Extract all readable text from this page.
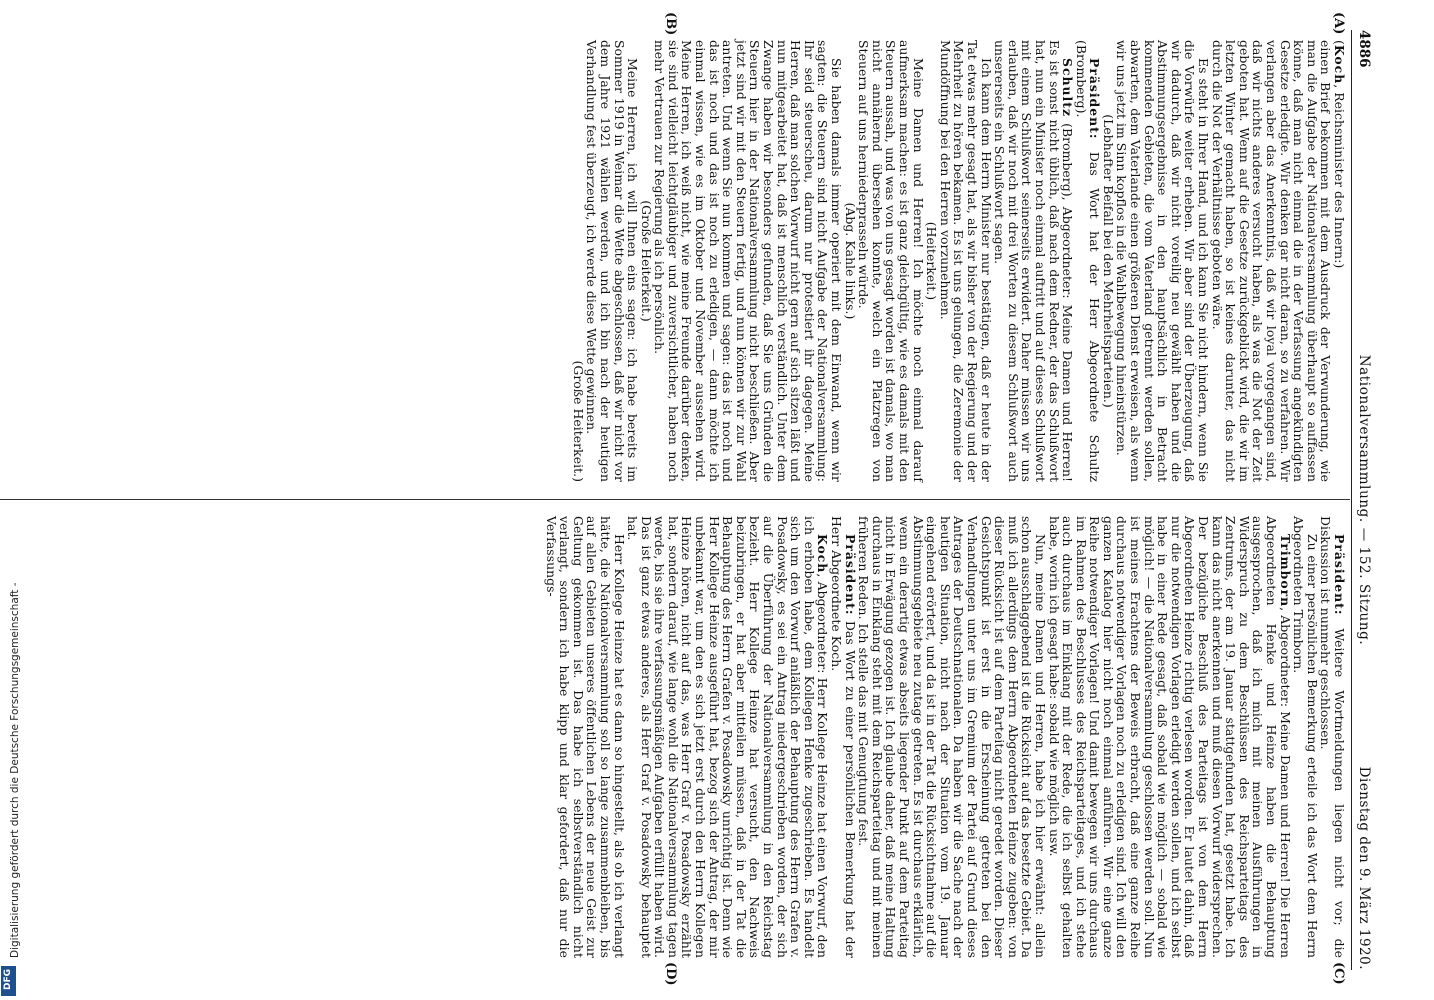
4886
Nationalversammlung. — 152. Sitzung.
Dienstag den 9. März 1920.
(A)
(B)
(C)
(D)

(Koch, Reichsminister des Innern:)

einen Brief bekommen mit dem Ausdruck der Verwunderung, wie man die Aufgabe der Nationalversammlung überhaupt so auffassen könne, daß man nicht einmal die in der Verfassung angekündigten Gesetze erledigte. Wir denken gar nicht daran, so zu verfahren. Wir verlangen aber das Anerkenntnis, daß wir loyal vorgegangen sind, daß wir nichts anderes versucht haben, als was die Not der Zeit geboten hat. Wenn auf die Gesetze zurückgeblickt wird, die wir im letzten Winter gemacht haben, so ist keines darunter, das nicht durch die Not der Verhältnisse geboten wäre.

Es steht in Ihrer Hand, und ich kann Sie nicht hindern, wenn Sie die Vorwürfe weiter erheben. Wir aber sind der Überzeugung, daß wir dadurch, daß wir nicht voreilig neu gewählt haben und die Abstimmungsergebnisse in den hauptsächlich in Betracht kommenden Gebieten, die vom Vaterland getrennt werden sollen, abwarten, dem Vaterlande einen größeren Dienst erweisen, als wenn wir uns jetzt im Sinn kopflos in die Wahlbewegung hineinstürzen.

(Lebhafter Beifall bei den Mehrheitsparteien.)

Präsident: Das Wort hat der Herr Abgeordnete Schultz (Bromberg).

Schultz (Bromberg), Abgeordneter: Meine Damen und Herren! Es ist sonst nicht üblich, daß nach dem Redner, der das Schlußwort hat, nun ein Minister noch einmal auftritt und auf dieses Schlußwort mit einem Schlußwort seinerseits erwidert. Daher müssen wir uns erlauben, daß wir noch mit drei Worten zu diesem Schlußwort auch unsererseits ein Schlußwort sagen.

Ich kann dem Herrn Minister nur bestätigen, daß er heute in der Tat etwas mehr gesagt hat, als wir bisher von der Regierung und der Mehrheit zu hören bekamen. Es ist uns gelungen, die Zeremonie der Mundöffnung bei den Herren vorzunehmen.

(Heiterkeit.)

Meine Damen und Herren! Ich möchte noch einmal darauf aufmerksam machen: es ist ganz gleichgültig, wie es damals mit den Steuern aussah, und was von uns gesagt worden ist damals, wo man nicht annähernd übersehen konnte, welch ein Platzregen von Steuern auf uns herniederprasseln würde.

(Abg. Kahle links.)

Sie haben damals immer operiert mit dem Einwand, wenn wir sagten: die Steuern sind nicht Aufgabe der Nationalversammlung: Ihr seid steuerscheu, darum nur protestiert ihr dagegen. Meine Herren, daß man solchen Vorwurf nicht gern auf sich sitzen läßt und nun mitgearbeitet hat, daß ist menschlich verständlich. Unter dem Zwange haben wir besonders gefunden, daß Sie uns Gründen die Steuern hier in der Nationalversammlung nicht beschließen. Aber jetzt sind wir mit den Steuern fertig, und nun können wir zur Wahl antreten. Und wenn Sie nun kommen und sagen: das ist noch und das ist noch und das ist noch zu erledigen, — dann möchte ich einmal wissen, wie es im Oktober und November aussehen wird. Meine Herren, ich weiß nicht, wie meine Freunde darüber denken, sie sind vielleicht leichtgläubiger und zuversichtlicher, haben noch mehr Vertrauen zur Regierung als ich persönlich.

(Große Heiterkeit.)

Meine Herren, ich will Ihnen eins sagen: ich habe bereits im Sommer 1919 in Weimar die Wette abgeschlossen, daß wir nicht vor dem Jahre 1921 wählen werden, und ich bin nach der heutigen Verhandlung fest überzeugt, ich werde diese Wette gewinnen.

(Große Heiterkeit.)

Präsident: Weitere Wortmeldungen liegen nicht vor; die Diskussion ist nunmehr geschlossen.

Zu einer persönlichen Bemerkung erteile ich das Wort dem Herrn Abgeordneten Trimborn.

Trimborn, Abgeordneter: Meine Damen und Herren! Die Herren Abgeordneten Henke und Heinze haben die Behauptung ausgesprochen, daß ich mich mit meinen Ausführungen in Widerspruch zu dem Beschlüssen des Reichsparteitags des Zentrums, der am 19. Januar stattgefunden hat, gesetzt habe. Ich kann das nicht anerkennen und muß diesen Vorwurf widersprechen. Der bezügliche Beschluß des Parteitags ist von dem Herrn Abgeordneten Heinze richtig verlesen worden. Er lautet dahin, daß nur die notwendigen Vorlagen erledigt werden sollen, und ich selbst habe in einer Rede gesagt, daß sobald wie möglich — sobald wie möglich! — die Nationalversammlung geschlossen werden soll. Nun ist meines Erachtens der Beweis erbracht, daß eine ganze Reihe durchaus notwendiger Vorlagen noch zu erledigen sind. Ich will den ganzen Katalog hier nicht noch einmal anführen. Wir eine ganze Reihe notwendiger Vorlagen! Und damit bewegen wir uns durchaus im Rahmen des Beschlusses des Reichsparteitages, und ich stehe auch durchaus im Einklang mit der Rede, die ich selbst gehalten habe, worin ich gesagt habe: sobald wie möglich usw.

Nun, meine Damen und Herren, habe ich hier erwähnt: allein schon ausschlaggebend ist die Rücksicht auf das besetzte Gebiet. Da muß ich allerdings dem Herrn Abgeordneten Heinze zugeben: von dieser Rücksicht ist auf dem Parteitag nicht geredet worden. Dieser Gesichtspunkt ist erst in die Erscheinung getreten bei den Verhandlungen unter uns im Gremium der Partei auf Grund dieses Antrages der Deutschnationalen. Da haben wir die Sache nach der heutigen Situation, nicht nach der Situation vom 19. Januar eingehend erörtert, und da ist in der Tat die Rücksichtnahme auf die Abstimmungsgebiete neu zutage getreten. Es ist durchaus erklärlich, wenn ein derartig etwas abseits liegender Punkt auf dem Parteitag nicht in Erwägung gezogen ist. Ich glaube daher, daß meine Haltung durchaus in Einklang steht mit dem Reichsparteitag und mit meinen früheren Reden. Ich stelle das mit Genugtuung fest.

Präsident: Das Wort zu einer persönlichen Bemerkung hat der Herr Abgeordnete Koch.

Koch, Abgeordneter: Herr Kollege Heinze hat einen Vorwurf, den ich erhoben habe, dem Kollegen Henke zugeschrieben. Es handelt sich um den Vorwurf anläßlich der Behauptung des Herrn Grafen v. Posadowsky, es sei ein Antrag niedergeschrieben worden, der sich auf die Überführung der Nationalversammlung in den Reichstag bezieht. Herr Kollege Heinze hat versucht, den Nachweis beizubringen, er hat aber mitteilen müssen, daß in der Tat die Behauptung des Herrn Grafen v. Posadowsky unrichtig ist. Denn wie Herr Kollege Heinze ausgeführt hat, bezog sich der Antrag, der mir unbekannt war, um den es sich jetzt erst durch den Herrn Kollegen Heinze hören, nicht auf das, was Herr Graf v. Posadowsky erzählt hat, sondern darauf, wie lange wohl die Nationalversammlung tagen werde, bis sie ihre verfassungsmäßigen Aufgaben erfüllt haben wird. Das ist ganz etwas anderes, als Herr Graf v. Posadowsky behauptet hat.

Herr Kollege Heinze hat es dann so hingestellt, als ob ich verlangt hätte, die Nationalversammlung soll so lange zusammenbleiben, bis auf allen Gebieten unseres öffentlichen Lebens der neue Geist zur Geltung gekommen ist. Das habe ich selbstverständlich nicht verlangt, sondern ich habe klipp und klar gefordert, daß nur die Verfassungs-

Digitalisierung gefördert durch die Deutsche Forschungsgemeinschaft -
DFG
